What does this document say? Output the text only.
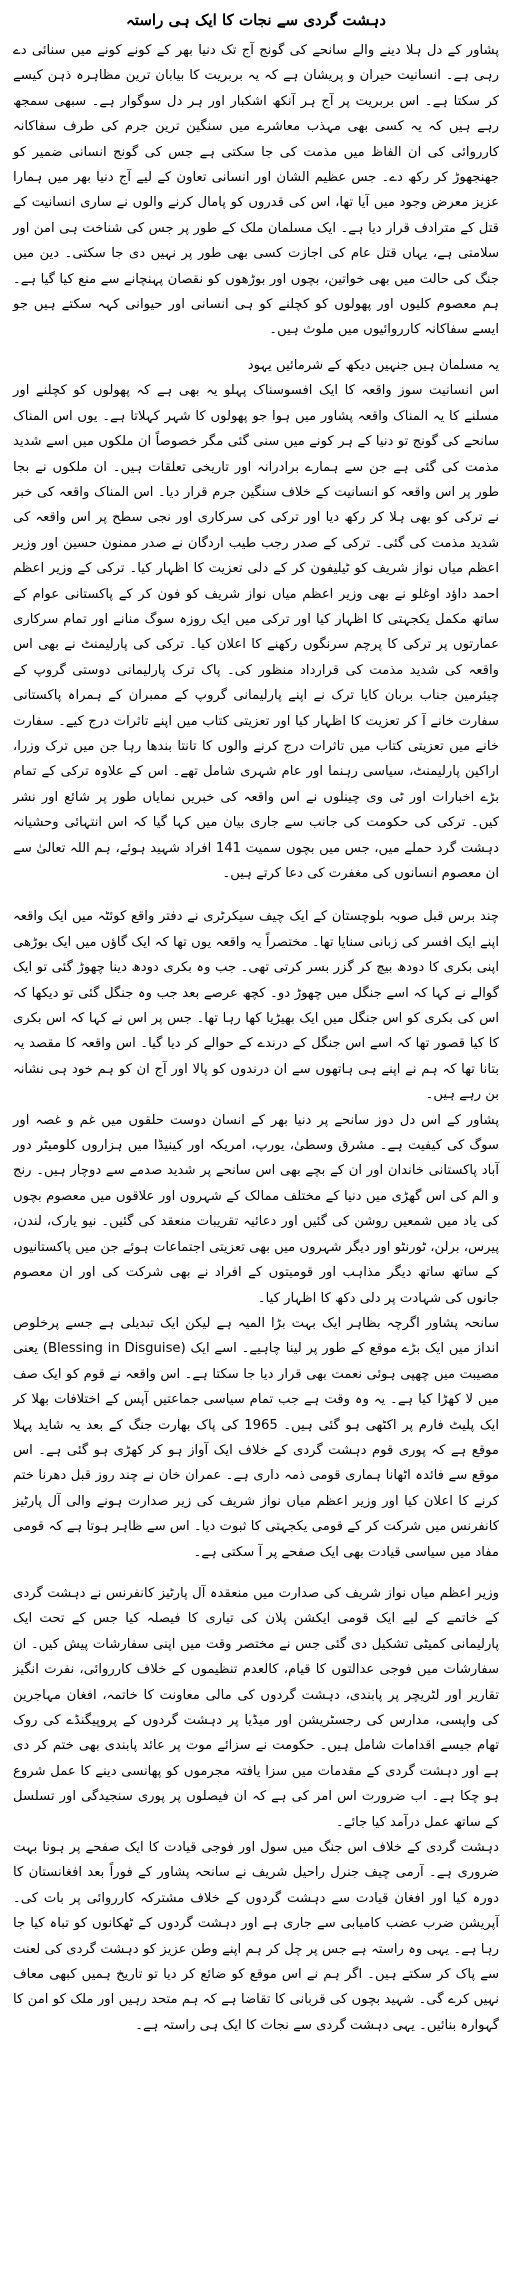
دہشت گردی سے نجات کا ایک ہی راستہ

پشاور کے دل ہلا دینے والے سانحے کی گونج آج تک دنیا بھر کے کونے کونے میں سنائی دے رہی ہے۔ انسانیت حیران و پریشان ہے کہ یہ بربریت کا بیابان ترین مظاہرہ ذہن کیسے کر سکتا ہے۔ اس بربریت پر آج ہر آنکھ اشکبار اور ہر دل سوگوار ہے۔ سبھی سمجھ رہے ہیں کہ یہ کسی بھی مہذب معاشرے میں سنگین ترین جرم کی طرف سفاکانہ کارروائی کی ان الفاظ میں مذمت کی جا سکتی ہے جس کی گونج انسانی ضمیر کو جھنجھوڑ کر رکھ دے۔ جس عظیم الشان اور انسانی تعاون کے لیے آج دنیا بھر میں ہمارا عزیز معرض وجود میں آیا تھا، اس کی قدروں کو پامال کرنے والوں نے ساری انسانیت کے قتل کے مترادف قرار دیا ہے۔ ایک مسلمان ملک کے طور پر جس کی شناخت ہی امن اور سلامتی ہے، یہاں قتل عام کی اجازت کسی بھی طور پر نہیں دی جا سکتی۔ دین میں جنگ کی حالت میں بھی خواتین، بچوں اور بوڑھوں کو نقصان پہنچانے سے منع کیا گیا ہے۔ ہم معصوم کلیوں اور پھولوں کو کچلنے کو ہی انسانی اور حیوانی کہہ سکتے ہیں جو ایسے سفاکانہ کارروائیوں میں ملوث ہیں۔

یہ مسلمان ہیں جنہیں دیکھ کے شرمائیں یہود

اس انسانیت سوز واقعہ کا ایک افسوسناک پہلو یہ بھی ہے کہ پھولوں کو کچلنے اور مسلنے کا یہ المناک واقعہ پشاور میں ہوا جو پھولوں کا شہر کہلاتا ہے۔ یوں اس المناک سانحے کی گونج تو دنیا کے ہر کونے میں سنی گئی مگر خصوصاً ان ملکوں میں اسے شدید مذمت کی گئی ہے جن سے ہمارے برادرانہ اور تاریخی تعلقات ہیں۔ ان ملکوں نے بجا طور پر اس واقعہ کو انسانیت کے خلاف سنگین جرم قرار دیا۔ اس المناک واقعہ کی خبر نے ترکی کو بھی ہلا کر رکھ دیا اور ترکی کی سرکاری اور نجی سطح پر اس واقعہ کی شدید مذمت کی گئی۔ ترکی کے صدر رجب طیب اردگان نے صدر ممنون حسین اور وزیر اعظم میاں نواز شریف کو ٹیلیفون کر کے دلی تعزیت کا اظہار کیا۔ ترکی کے وزیر اعظم احمد داؤد اوغلو نے بھی وزیر اعظم میاں نواز شریف کو فون کر کے پاکستانی عوام کے ساتھ مکمل یکجہتی کا اظہار کیا اور ترکی میں ایک روزہ سوگ منانے اور تمام سرکاری عمارتوں پر ترکی کا پرچم سرنگوں رکھنے کا اعلان کیا۔ ترکی کی پارلیمنٹ نے بھی اس واقعہ کی شدید مذمت کی قرارداد منظور کی۔ پاک ترک پارلیمانی دوستی گروپ کے چیئرمین جناب بربان کایا ترک نے اپنے پارلیمانی گروپ کے ممبران کے ہمراہ پاکستانی سفارت خانے آ کر تعزیت کا اظہار کیا اور تعزیتی کتاب میں اپنے تاثرات درج کیے۔ سفارت خانے میں تعزیتی کتاب میں تاثرات درج کرنے والوں کا تانتا بندھا رہا جن میں ترک وزرا، اراکین پارلیمنٹ، سیاسی رہنما اور عام شہری شامل تھے۔ اس کے علاوہ ترکی کے تمام بڑے اخبارات اور ٹی وی چینلوں نے اس واقعہ کی خبریں نمایاں طور پر شائع اور نشر کیں۔ ترکی کی حکومت کی جانب سے جاری بیان میں کہا گیا کہ اس انتہائی وحشیانہ دہشت گرد حملے میں، جس میں بچوں سمیت 141 افراد شہید ہوئے، ہم اللہ تعالیٰ سے ان معصوم انسانوں کی مغفرت کی دعا کرتے ہیں۔

چند برس قبل صوبہ بلوچستان کے ایک چیف سیکرٹری نے دفتر واقع کوئٹہ میں ایک واقعہ اپنے ایک افسر کی زبانی سنایا تھا۔ مختصراً یہ واقعہ یوں تھا کہ ایک گاؤں میں ایک بوڑھی اپنی بکری کا دودھ بیچ کر گزر بسر کرتی تھی۔ جب وہ بکری دودھ دینا چھوڑ گئی تو ایک گوالے نے کہا کہ اسے جنگل میں چھوڑ دو۔ کچھ عرصے بعد جب وہ جنگل گئی تو دیکھا کہ اس کی بکری کو اس جنگل میں ایک بھیڑیا کھا رہا تھا۔ جس پر اس نے کہا کہ اس بکری کا کیا قصور تھا کہ اسے اس جنگل کے درندے کے حوالے کر دیا گیا۔ اس واقعہ کا مقصد یہ بتانا تھا کہ ہم نے اپنے ہی ہاتھوں سے ان درندوں کو پالا اور آج ان کو ہم خود ہی نشانہ بن رہے ہیں۔

پشاور کے اس دل دوز سانحے پر دنیا بھر کے انسان دوست حلقوں میں غم و غصہ اور سوگ کی کیفیت ہے۔ مشرق وسطیٰ، یورپ، امریکہ اور کینیڈا میں ہزاروں کلومیٹر دور آباد پاکستانی خاندان اور ان کے بچے بھی اس سانحے پر شدید صدمے سے دوچار ہیں۔ رنج و الم کی اس گھڑی میں دنیا کے مختلف ممالک کے شہروں اور علاقوں میں معصوم بچوں کی یاد میں شمعیں روشن کی گئیں اور دعائیہ تقریبات منعقد کی گئیں۔ نیو یارک، لندن، پیرس، برلن، ٹورنٹو اور دیگر شہروں میں بھی تعزیتی اجتماعات ہوئے جن میں پاکستانیوں کے ساتھ ساتھ دیگر مذاہب اور قومیتوں کے افراد نے بھی شرکت کی اور ان معصوم جانوں کی شہادت پر دلی دکھ کا اظہار کیا۔

سانحہ پشاور اگرچہ بظاہر ایک بہت بڑا المیہ ہے لیکن ایک تبدیلی ہے جسے پرخلوص انداز میں ایک بڑے موقع کے طور پر لینا چاہیے۔ اسے ایک (Blessing in Disguise) یعنی مصیبت میں چھپی ہوئی نعمت بھی قرار دیا جا سکتا ہے۔ اس واقعہ نے قوم کو ایک صف میں لا کھڑا کیا ہے۔ یہ وہ وقت ہے جب تمام سیاسی جماعتیں آپس کے اختلافات بھلا کر ایک پلیٹ فارم پر اکٹھی ہو گئی ہیں۔ 1965 کی پاک بھارت جنگ کے بعد یہ شاید پہلا موقع ہے کہ پوری قوم دہشت گردی کے خلاف ایک آواز ہو کر کھڑی ہو گئی ہے۔ اس موقع سے فائدہ اٹھانا ہماری قومی ذمہ داری ہے۔ عمران خان نے چند روز قبل دھرنا ختم کرنے کا اعلان کیا اور وزیر اعظم میاں نواز شریف کی زیر صدارت ہونے والی آل پارٹیز کانفرنس میں شرکت کر کے قومی یکجہتی کا ثبوت دیا۔ اس سے ظاہر ہوتا ہے کہ قومی مفاد میں سیاسی قیادت بھی ایک صفحے پر آ سکتی ہے۔

وزیر اعظم میاں نواز شریف کی صدارت میں منعقدہ آل پارٹیز کانفرنس نے دہشت گردی کے خاتمے کے لیے ایک قومی ایکشن پلان کی تیاری کا فیصلہ کیا جس کے تحت ایک پارلیمانی کمیٹی تشکیل دی گئی جس نے مختصر وقت میں اپنی سفارشات پیش کیں۔ ان سفارشات میں فوجی عدالتوں کا قیام، کالعدم تنظیموں کے خلاف کارروائی، نفرت انگیز تقاریر اور لٹریچر پر پابندی، دہشت گردوں کی مالی معاونت کا خاتمہ، افغان مہاجرین کی واپسی، مدارس کی رجسٹریشن اور میڈیا پر دہشت گردوں کے پروپیگنڈے کی روک تھام جیسے اقدامات شامل ہیں۔ حکومت نے سزائے موت پر عائد پابندی بھی ختم کر دی ہے اور دہشت گردی کے مقدمات میں سزا یافتہ مجرموں کو پھانسی دینے کا عمل شروع ہو چکا ہے۔ اب ضرورت اس امر کی ہے کہ ان فیصلوں پر پوری سنجیدگی اور تسلسل کے ساتھ عمل درآمد کیا جائے۔

دہشت گردی کے خلاف اس جنگ میں سول اور فوجی قیادت کا ایک صفحے پر ہونا بہت ضروری ہے۔ آرمی چیف جنرل راحیل شریف نے سانحہ پشاور کے فوراً بعد افغانستان کا دورہ کیا اور افغان قیادت سے دہشت گردوں کے خلاف مشترکہ کارروائی پر بات کی۔ آپریشن ضرب عضب کامیابی سے جاری ہے اور دہشت گردوں کے ٹھکانوں کو تباہ کیا جا رہا ہے۔ یہی وہ راستہ ہے جس پر چل کر ہم اپنے وطن عزیز کو دہشت گردی کی لعنت سے پاک کر سکتے ہیں۔ اگر ہم نے اس موقع کو ضائع کر دیا تو تاریخ ہمیں کبھی معاف نہیں کرے گی۔ شہید بچوں کی قربانی کا تقاضا ہے کہ ہم متحد رہیں اور ملک کو امن کا گہوارہ بنائیں۔ یہی دہشت گردی سے نجات کا ایک ہی راستہ ہے۔
